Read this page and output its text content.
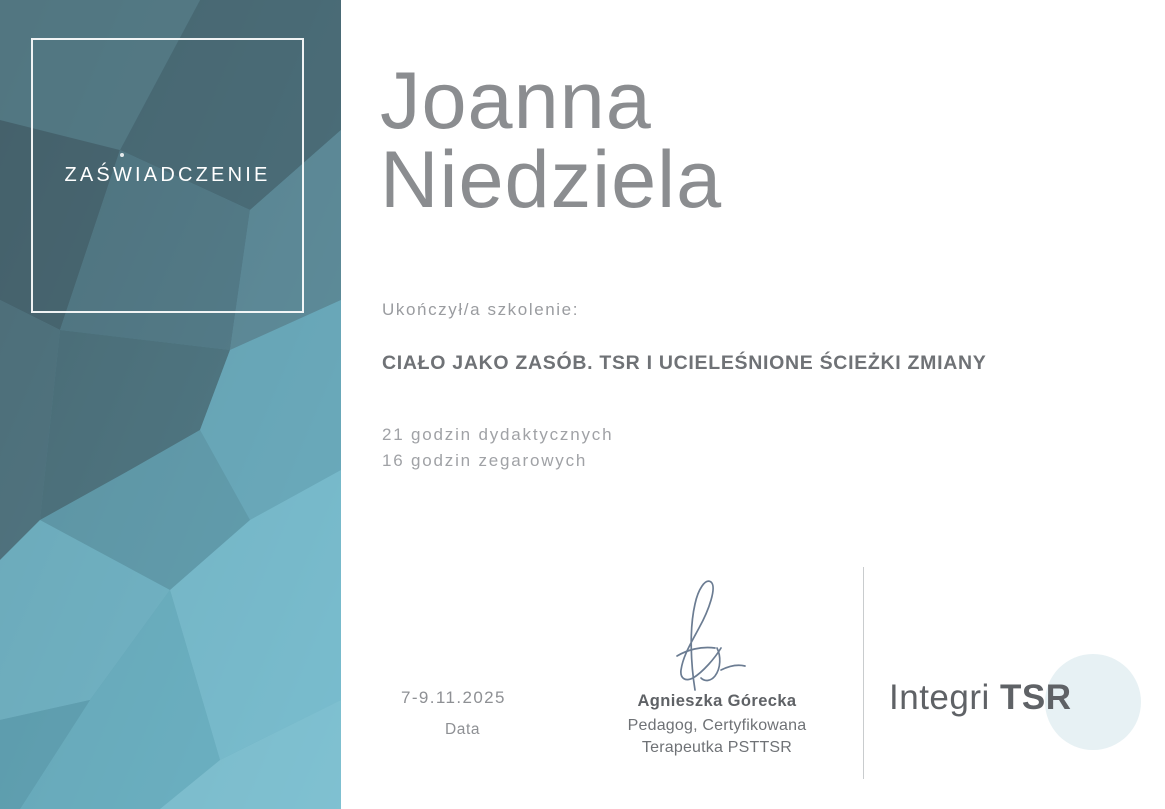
ZAŚWIADCZENIE
Joanna
Niedziela
Ukończył/a szkolenie:
CIAŁO JAKO ZASÓB. TSR I UCIELEŚNIONE ŚCIEŻKI ZMIANY
21 godzin dydaktycznych
16 godzin zegarowych
7-9.11.2025
Data
Agnieszka Górecka
Pedagog, Certyfikowana
Terapeutka PSTTSR
Integri TSR
